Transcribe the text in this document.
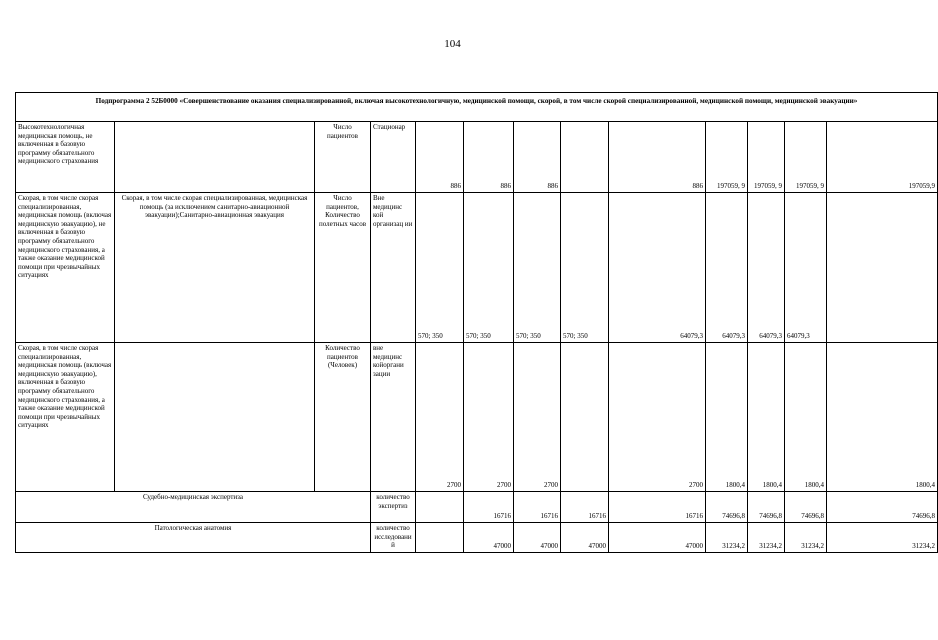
104
Подпрограмма 2 52Б0000 «Совершенствование оказания специализированной, включая высокотехнологичную, медицинской помощи, скорой, в том числе скорой специализированной, медицинской помощи, медицинской эвакуации»												
Высокотехнологичная медицинская помощь, не включенная в базовую программу обязательного медицинского страхования		Число пациентов	Стационар	886	886	886		886	197059, 9	197059, 9	197059, 9	197059,9
Скорая, в том числе скорая специализированная, медицинская помощь (включая медицинскую эвакуацию), не включенная в базовую программу обязательного медицинского страхования, а также оказание медицинской помощи при чрезвычайных ситуациях	Скорая, в том числе скорая специализированная, медицинская помощь (за исключением санитарно-авиационной эвакуации);Санитарно-авиационная эвакуация	Число пациентов, Количество полетных часов	Вне медицинс кой организац ии	570; 350	570; 350	570; 350	570; 350	64079,3	64079,3	64079,3	64079,3	
Скорая, в том числе скорая специализированная, медицинская помощь (включая медицинскую эвакуацию), включенная в базовую программу обязательного медицинского страхования, а также оказание медицинской помощи при чрезвычайных ситуациях		Количество пациентов (Человек)	вне медицинс койоргани зации	2700	2700	2700		2700	1800,4	1800,4	1800,4	1800,4
Судебно-медицинская экспертиза			количество экспертиз		16716	16716	16716	16716	74696,8	74696,8	74696,8	74696,8
Патологическая анатомия			количество исследовани й		47000	47000	47000	47000	31234,2	31234,2	31234,2	31234,2
